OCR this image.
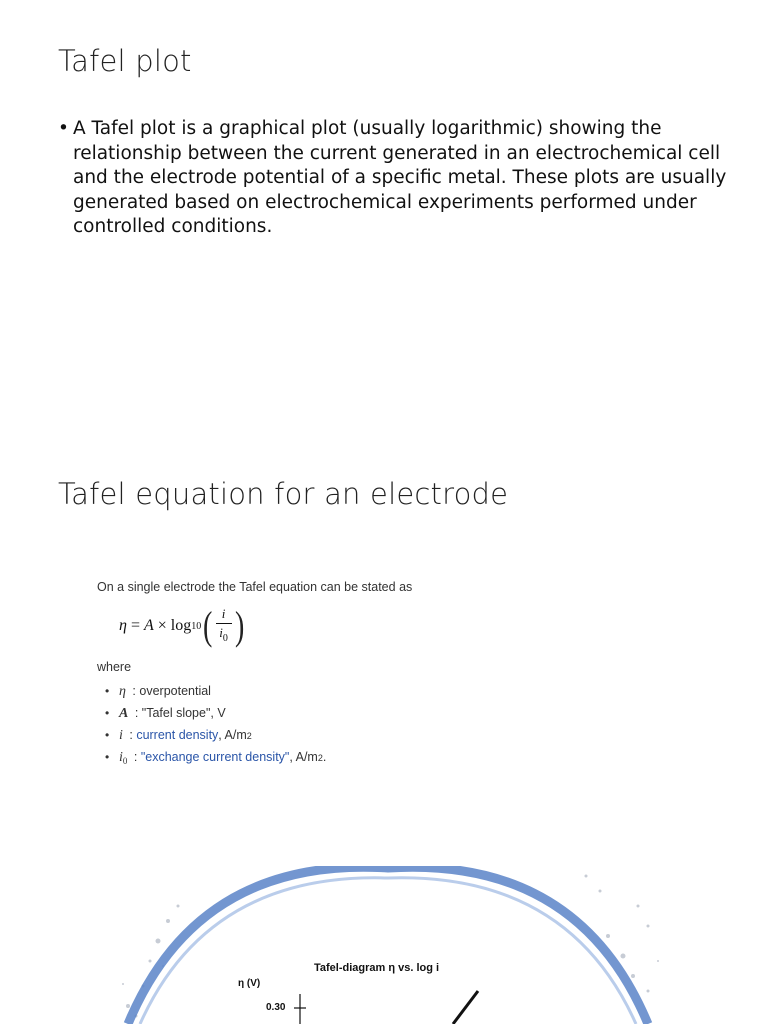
Tafel plot
• A Tafel plot is a graphical plot (usually logarithmic) showing the relationship between the current generated in an electrochemical cell and the electrode potential of a specific metal. These plots are usually generated based on electrochemical experiments performed under controlled conditions.
Tafel equation for an electrode

On a single electrode the Tafel equation can be stated as

η = A × log 10 ( $\frac{i}{i_0}$ )

where

• η : overpotential
• A : "Tafel slope", V
• i : current density , A/m 2
• $i_0$ : "exchange current density" , A/m 2 .
Tafel-diagram η vs. log i
η (V)
0.30
